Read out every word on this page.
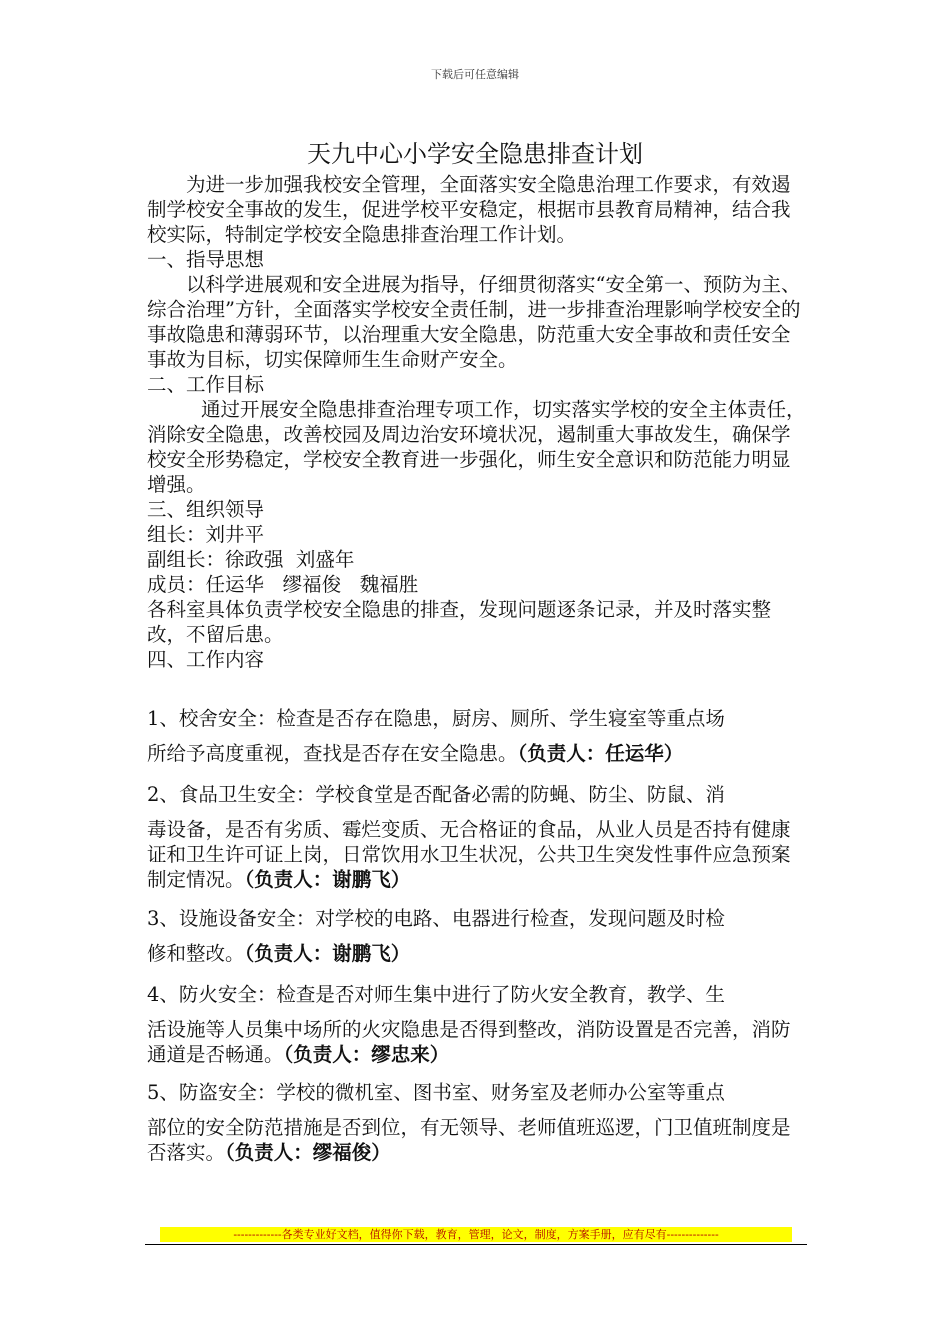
下载后可任意编辑
天九中心小学安全隐患排查计划

为进一步加强我校安全管理，全面落实安全隐患治理工作要求，有效遏制学校安全事故的发生，促进学校平安稳定，根据市县教育局精神，结合我校实际，特制定学校安全隐患排查治理工作计划。

一、指导思想

以科学进展观和安全进展为指导，仔细贯彻落实“安全第一、预防为主、综合治理”方针，全面落实学校安全责任制，进一步排查治理影响学校安全的事故隐患和薄弱环节，以治理重大安全隐患，防范重大安全事故和责任安全事故为目标，切实保障师生生命财产安全。

二、工作目标

通过开展安全隐患排查治理专项工作，切实落实学校的安全主体责任，消除安全隐患，改善校园及周边治安环境状况，遏制重大事故发生，确保学校安全形势稳定，学校安全教育进一步强化，师生安全意识和防范能力明显增强。

三、组织领导

组长：刘井平

副组长：徐政强  刘盛年

成员：任运华   缪福俊   魏福胜

各科室具体负责学校安全隐患的排查，发现问题逐条记录，并及时落实整改，不留后患。

四、工作内容

1、校舍安全：检查是否存在隐患，厨房、厕所、学生寝室等重点场

所给予高度重视，查找是否存在安全隐患。（负责人：任运华）

2、食品卫生安全：学校食堂是否配备必需的防蝇、防尘、防鼠、消

毒设备，是否有劣质、霉烂变质、无合格证的食品，从业人员是否持有健康证和卫生许可证上岗，日常饮用水卫生状况，公共卫生突发性事件应急预案制定情况。（负责人：谢鹏飞）

3、设施设备安全：对学校的电路、电器进行检查，发现问题及时检

修和整改。（负责人：谢鹏飞）

4、防火安全：检查是否对师生集中进行了防火安全教育，教学、生

活设施等人员集中场所的火灾隐患是否得到整改，消防设置是否完善，消防通道是否畅通。（负责人：缪忠来）

5、防盗安全：学校的微机室、图书室、财务室及老师办公室等重点

部位的安全防范措施是否到位，有无领导、老师值班巡逻，门卫值班制度是否落实。（负责人：缪福俊）

-------------各类专业好文档，值得你下载，教育，管理，论文，制度，方案手册，应有尽有--------------
